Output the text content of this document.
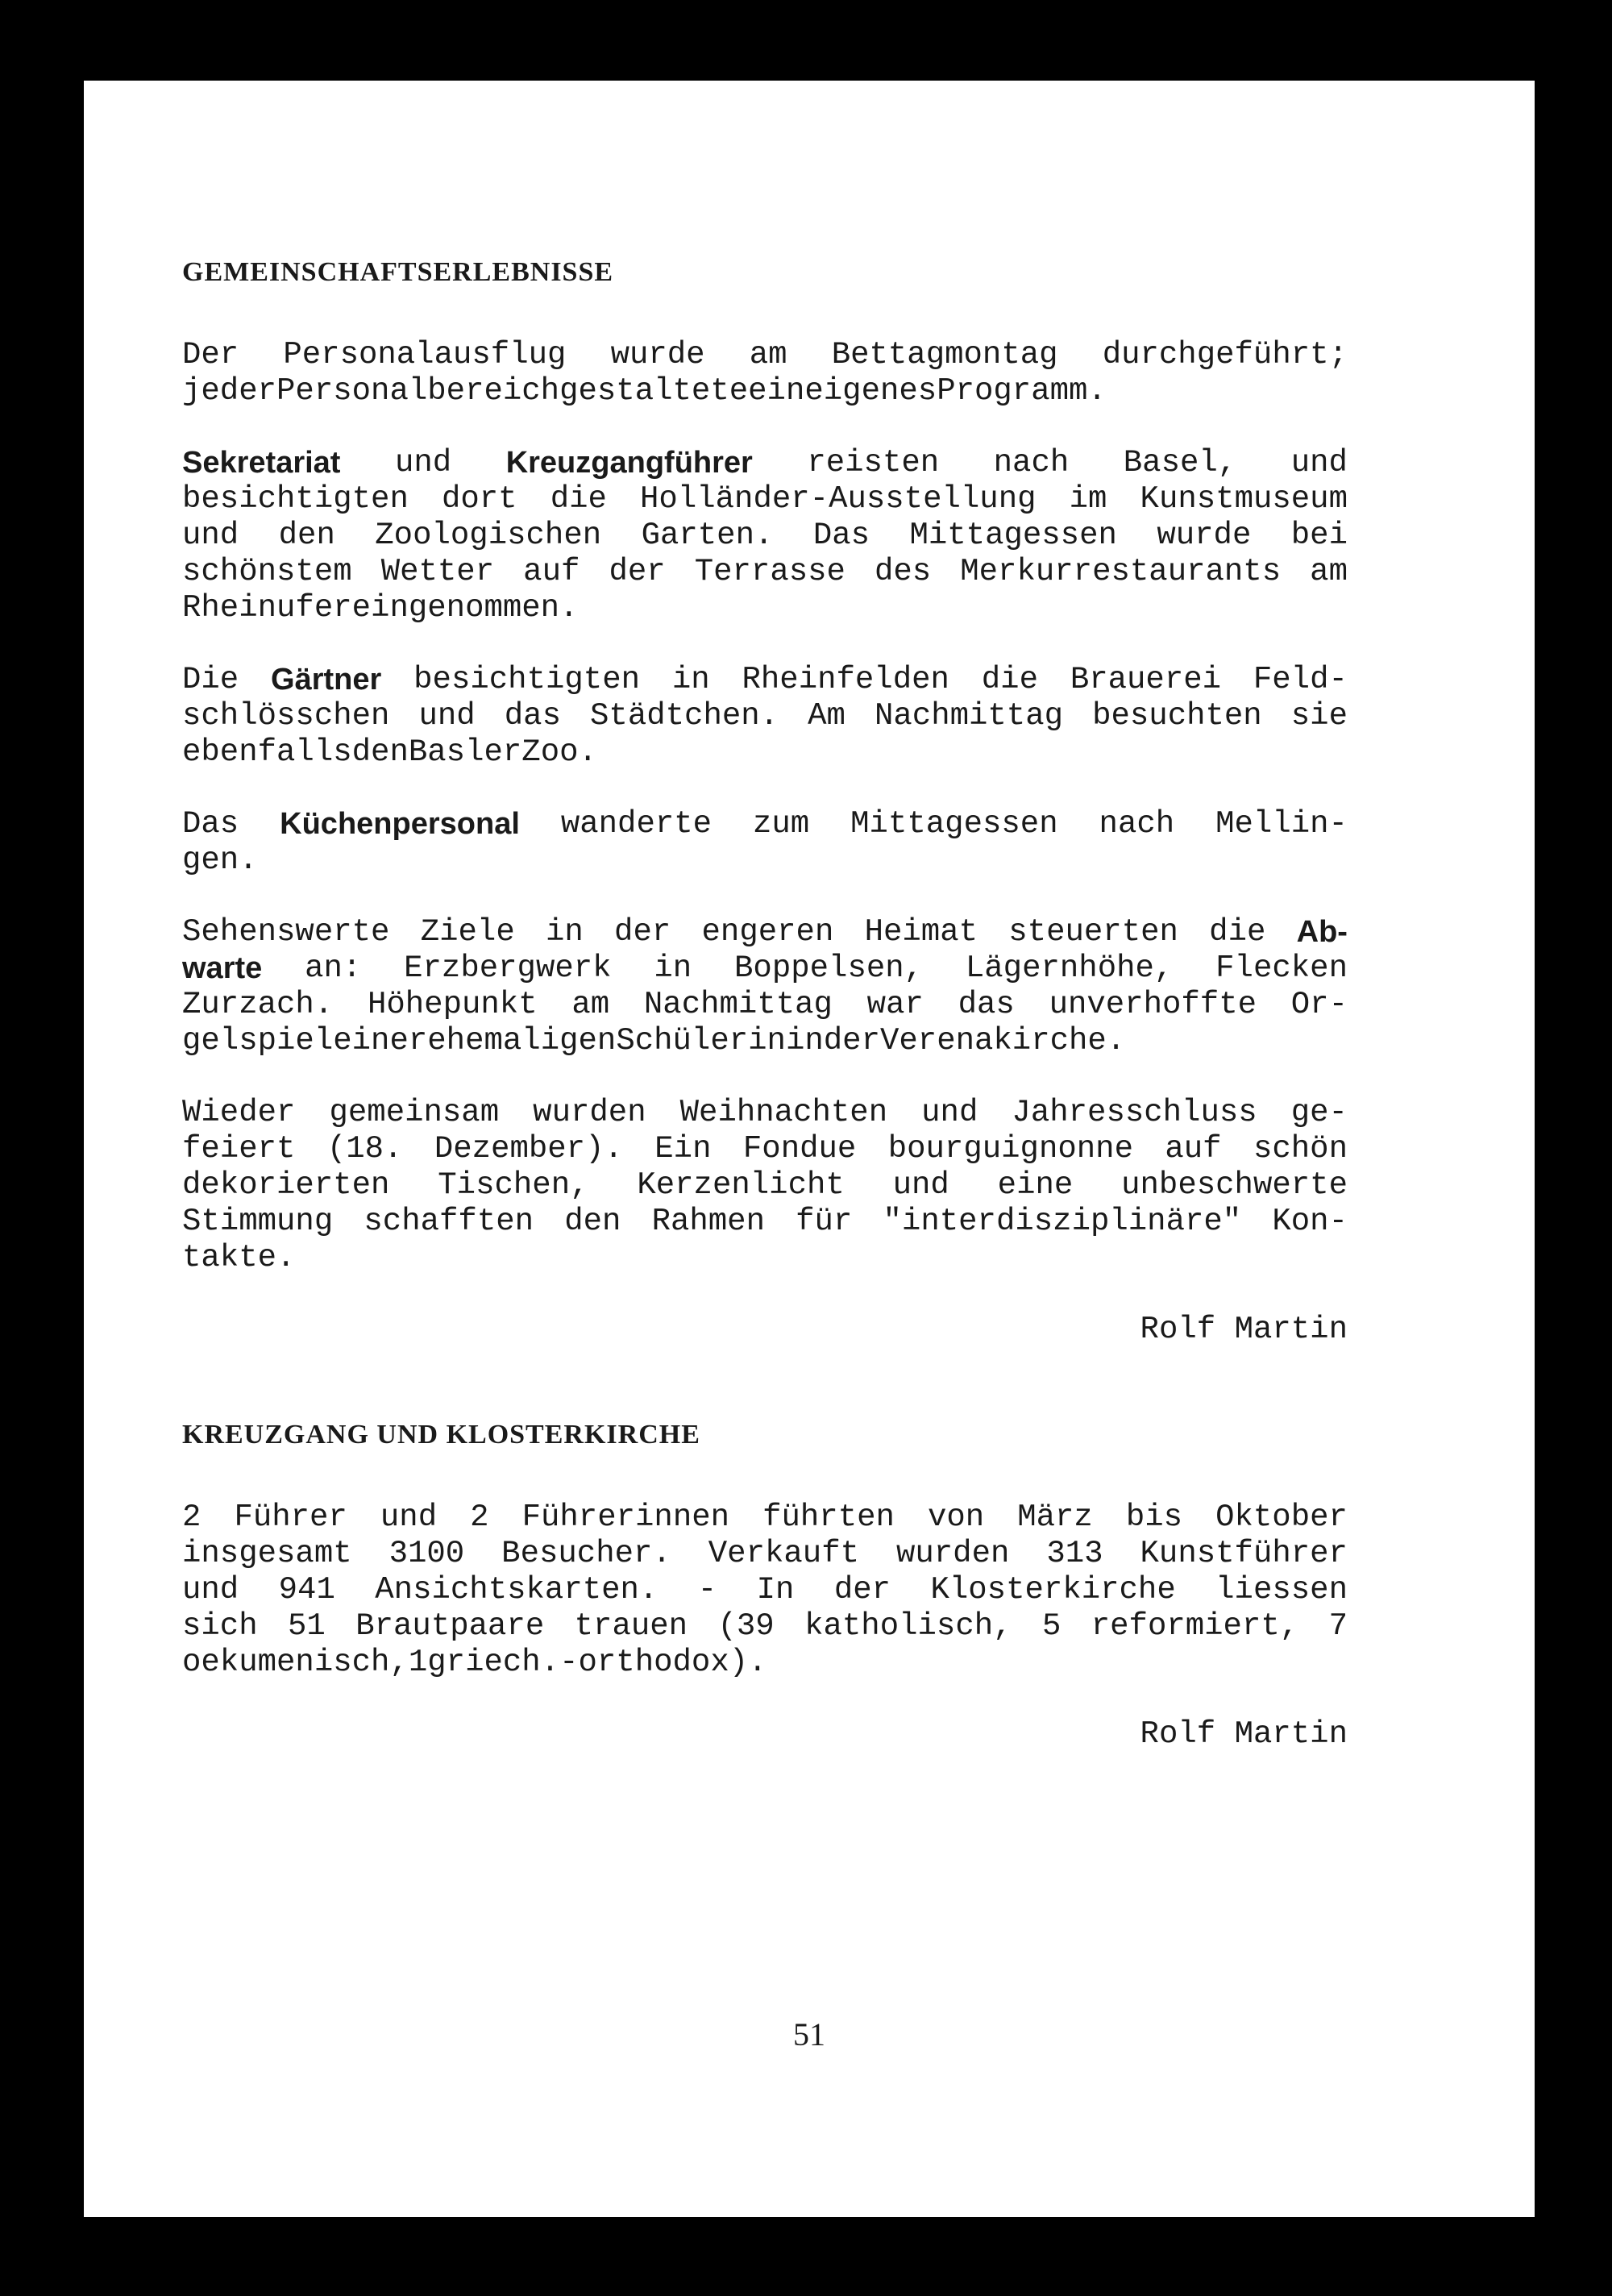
GEMEINSCHAFTSERLEBNISSE
Der Personalausflug wurde am Bettagmontag durchgeführt;
jeder Personalbereich gestaltete ein eigenes Programm.
Sekretariat und Kreuzgangführer reisten nach Basel, und
besichtigten dort die Holländer-Ausstellung im Kunstmuseum
und den Zoologischen Garten. Das Mittagessen wurde bei
schönstem Wetter auf der Terrasse des Merkurrestaurants am
Rheinufer eingenommen.
Die Gärtner besichtigten in Rheinfelden die Brauerei Feld-
schlösschen und das Städtchen. Am Nachmittag besuchten sie
ebenfalls den Basler Zoo.
Das Küchenpersonal wanderte zum Mittagessen nach Mellin-
gen.
Sehenswerte Ziele in der engeren Heimat steuerten die Ab-
warte an: Erzbergwerk in Boppelsen, Lägernhöhe, Flecken
Zurzach. Höhepunkt am Nachmittag war das unverhoffte Or-
gelspiel einer ehemaligen Schülerin in der Verenakirche.
Wieder gemeinsam wurden Weihnachten und Jahresschluss ge-
feiert (18. Dezember). Ein Fondue bourguignonne auf schön
dekorierten Tischen, Kerzenlicht und eine unbeschwerte
Stimmung schafften den Rahmen für "interdisziplinäre" Kon-
takte.
Rolf Martin
KREUZGANG UND KLOSTERKIRCHE
2 Führer und 2 Führerinnen führten von März bis Oktober
insgesamt 3100 Besucher. Verkauft wurden 313 Kunstführer
und 941 Ansichtskarten. - In der Klosterkirche liessen
sich 51 Brautpaare trauen (39 katholisch, 5 reformiert, 7
oekumenisch, 1 griech.-orthodox).
Rolf Martin
51
